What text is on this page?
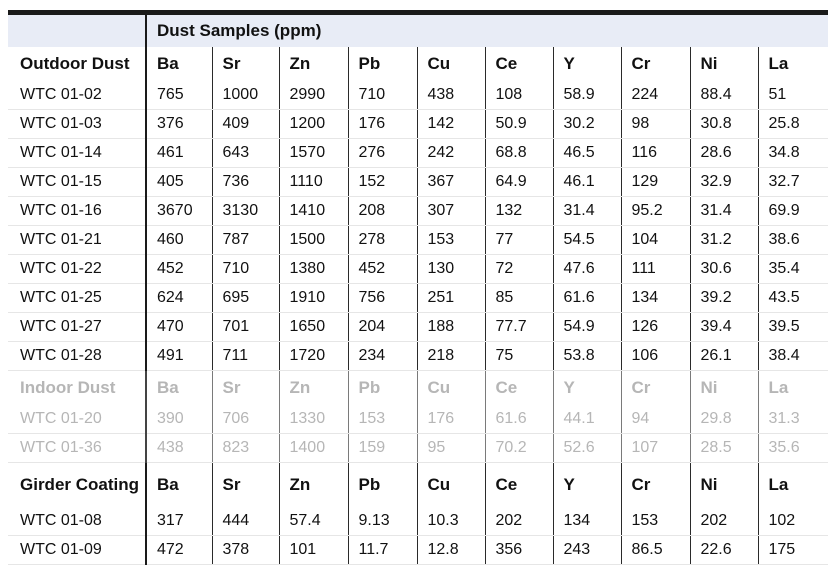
	Dust Samples (ppm)									
Outdoor Dust	Ba	Sr	Zn	Pb	Cu	Ce	Y	Cr	Ni	La
WTC 01-02	765	1000	2990	710	438	108	58.9	224	88.4	51
WTC 01-03	376	409	1200	176	142	50.9	30.2	98	30.8	25.8
WTC 01-14	461	643	1570	276	242	68.8	46.5	116	28.6	34.8
WTC 01-15	405	736	1110	152	367	64.9	46.1	129	32.9	32.7
WTC 01-16	3670	3130	1410	208	307	132	31.4	95.2	31.4	69.9
WTC 01-21	460	787	1500	278	153	77	54.5	104	31.2	38.6
WTC 01-22	452	710	1380	452	130	72	47.6	111	30.6	35.4
WTC 01-25	624	695	1910	756	251	85	61.6	134	39.2	43.5
WTC 01-27	470	701	1650	204	188	77.7	54.9	126	39.4	39.5
WTC 01-28	491	711	1720	234	218	75	53.8	106	26.1	38.4
Indoor Dust	Ba	Sr	Zn	Pb	Cu	Ce	Y	Cr	Ni	La
WTC 01-20	390	706	1330	153	176	61.6	44.1	94	29.8	31.3
WTC 01-36	438	823	1400	159	95	70.2	52.6	107	28.5	35.6
Girder Coating	Ba	Sr	Zn	Pb	Cu	Ce	Y	Cr	Ni	La
WTC 01-08	317	444	57.4	9.13	10.3	202	134	153	202	102
WTC 01-09	472	378	101	11.7	12.8	356	243	86.5	22.6	175
